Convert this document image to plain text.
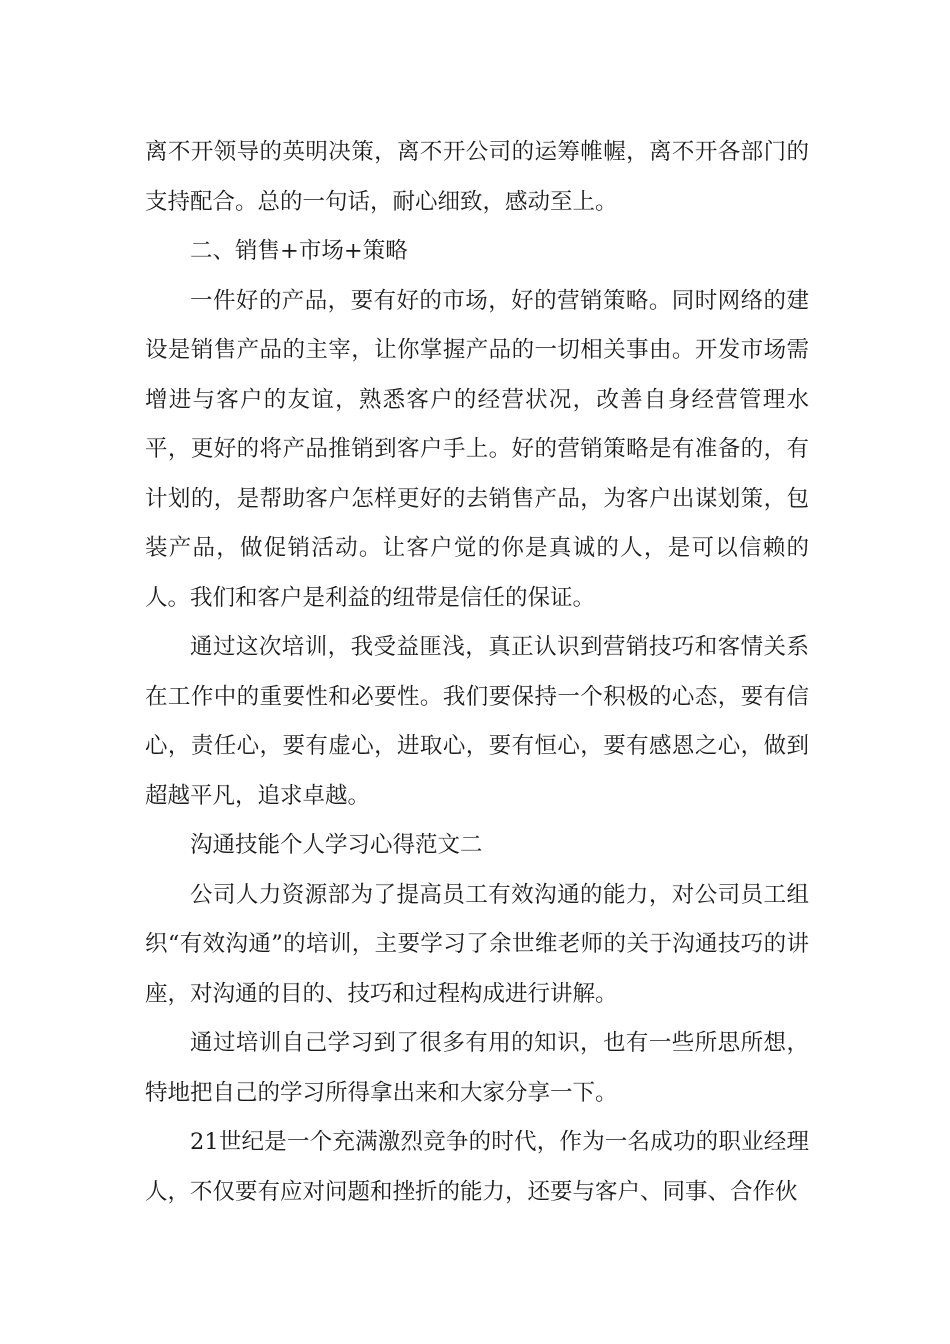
离不开领导的英明决策，离不开公司的运筹帷幄，离不开各部门的支持配合。总的一句话，耐心细致，感动至上。

二、销售+市场+策略

一件好的产品，要有好的市场，好的营销策略。同时网络的建设是销售产品的主宰，让你掌握产品的一切相关事由。开发市场需增进与客户的友谊，熟悉客户的经营状况，改善自身经营管理水平，更好的将产品推销到客户手上。好的营销策略是有准备的，有计划的，是帮助客户怎样更好的去销售产品，为客户出谋划策，包装产品，做促销活动。让客户觉的你是真诚的人，是可以信赖的人。我们和客户是利益的纽带是信任的保证。

通过这次培训，我受益匪浅，真正认识到营销技巧和客情关系在工作中的重要性和必要性。我们要保持一个积极的心态，要有信心，责任心，要有虚心，进取心，要有恒心，要有感恩之心，做到超越平凡，追求卓越。

沟通技能个人学习心得范文二

公司人力资源部为了提高员工有效沟通的能力，对公司员工组织“有效沟通”的培训，主要学习了余世维老师的关于沟通技巧的讲座，对沟通的目的、技巧和过程构成进行讲解。

通过培训自己学习到了很多有用的知识，也有一些所思所想，特地把自己的学习所得拿出来和大家分享一下。

21世纪是一个充满激烈竞争的时代，作为一名成功的职业经理人，不仅要有应对问题和挫折的能力，还要与客户、同事、合作伙
